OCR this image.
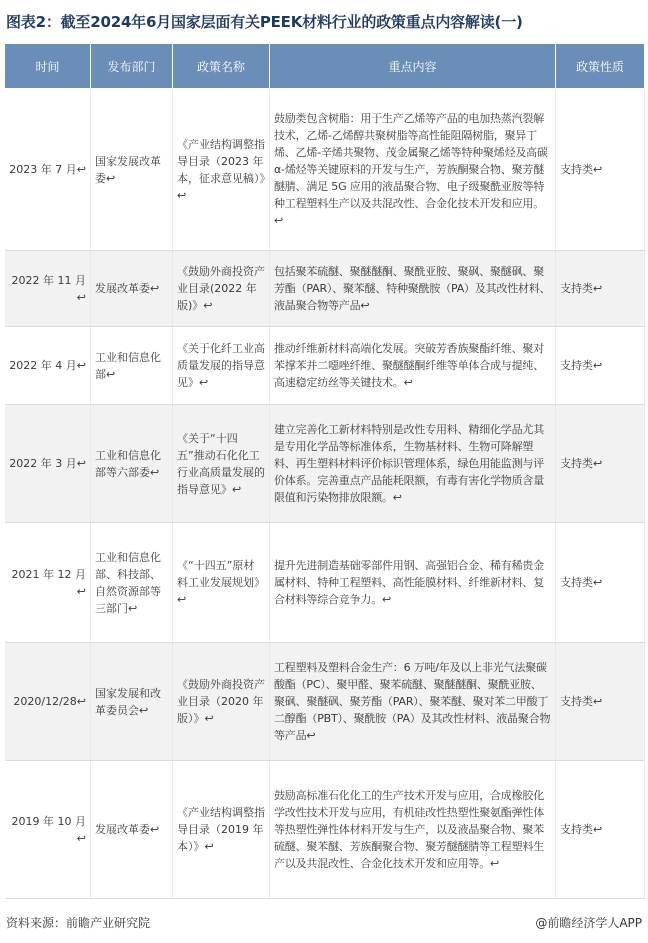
图表2：截至2024年6月国家层面有关PEEK材料行业的政策重点内容解读(一)
时间	发布部门	政策名称	重点内容	政策性质
2023 年 7 月↩	国家发展改革委↩	《产业结构调整指导目录（2023 年本，征求意见稿）》↩	鼓励类包含树脂：用于生产乙烯等产品的电加热蒸汽裂解技术，乙烯-乙烯醇共聚树脂等高性能阻隔树脂，聚异丁烯、乙烯-辛烯共聚物、茂金属聚乙烯等特种聚烯烃及高碳 α-烯烃等关键原料的开发与生产，芳族酮聚合物、聚芳醚醚腈、满足 5G 应用的液晶聚合物、电子级聚酰亚胺等特种工程塑料生产以及共混改性、合金化技术开发和应用。↩	支持类↩
2022 年 11 月↩	发展改革委↩	《鼓励外商投资产业目录(2022 年版)》↩	包括聚苯硫醚、聚醚醚酮、聚酰亚胺、聚砜、聚醚砜、聚芳酯（PAR）、聚苯醚、特种聚酰胺（PA）及其改性材料、液晶聚合物等产品↩	支持类↩
2022 年 4 月↩	工业和信息化部↩	《关于化纤工业高质量发展的指导意见》↩	推动纤维新材料高端化发展。突破芳香族聚酯纤维、聚对苯撑苯并二噁唑纤维、聚醚醚酮纤维等单体合成与提纯、高速稳定纺丝等关键技术。↩	支持类↩
2022 年 3 月↩	工业和信息化部等六部委↩	《关于“十四五”推动石化化工行业高质量发展的指导意见》↩	建立完善化工新材料特别是改性专用料、精细化学品尤其是专用化学品等标准体系，生物基材料、生物可降解塑料、再生塑料材料评价标识管理体系，绿色用能监测与评价体系。完善重点产品能耗限额，有毒有害化学物质含量限值和污染物排放限额。↩	支持类↩
2021 年 12 月↩	工业和信息化部、科技部、自然资源部等三部门↩	《“十四五”原材料工业发展规划》↩	提升先进制造基础零部件用钢、高强铝合金、稀有稀贵金属材料、特种工程塑料、高性能膜材料、纤维新材料、复合材料等综合竞争力。↩	支持类↩
2020/12/28↩	国家发展和改革委员会↩	《鼓励外商投资产业目录（2020 年版）》↩	工程塑料及塑料合金生产：6 万吨/年及以上非光气法聚碳酸酯（PC）、聚甲醛、聚苯硫醚、聚醚醚酮、聚酰亚胺、聚砜、聚醚砜、聚芳酯（PAR）、聚苯醚、聚对苯二甲酸丁二醇酯（PBT）、聚酰胺（PA）及其改性材料、液晶聚合物等产品↩	支持类↩
2019 年 10 月↩	发展改革委↩	《产业结构调整指导目录（2019 年本）》↩	鼓励高标准石化化工的生产技术开发与应用，合成橡胶化学改性技术开发与应用，有机硅改性热塑性聚氨酯弹性体等热塑性弹性体材料开发与生产，以及液晶聚合物、聚苯硫醚、聚苯醚、芳族酮聚合物、聚芳醚醚腈等工程塑料生产以及共混改性、合金化技术开发和应用等。↩	支持类↩
资料来源：前瞻产业研究院	@前瞻经济学人APP
